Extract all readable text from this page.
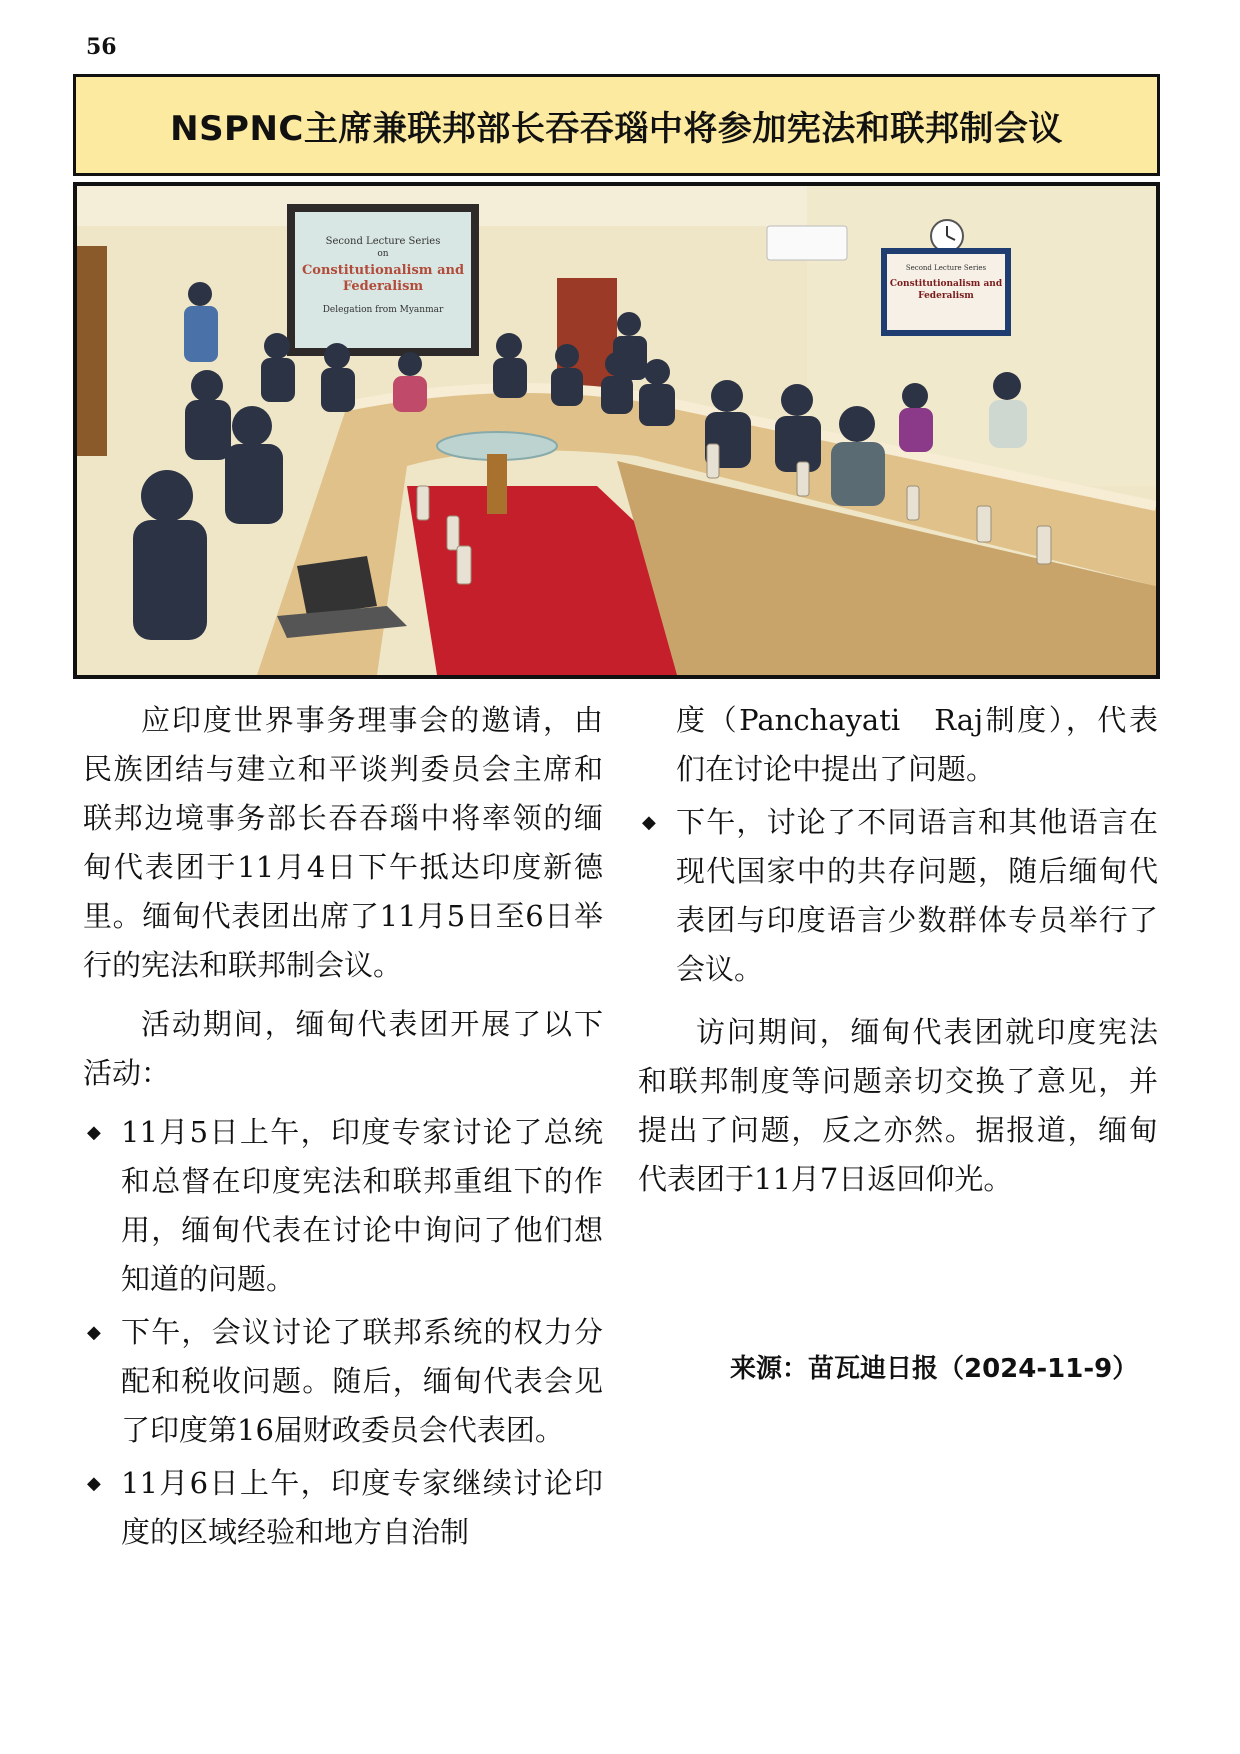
56
NSPNC主席兼联邦部长吞吞瑙中将参加宪法和联邦制会议
Second Lecture Series
on
Constitutionalism and
Federalism
Delegation from Myanmar
Second Lecture Series
Constitutionalism and
Federalism

应印度世界事务理事会的邀请，由民族团结与建立和平谈判委员会主席和联邦边境事务部长吞吞瑙中将率领的缅甸代表团于11月4日下午抵达印度新德里。缅甸代表团出席了11月5日至6日举行的宪法和联邦制会议。

活动期间，缅甸代表团开展了以下活动：

◆ 11月5日上午，印度专家讨论了总统和总督在印度宪法和联邦重组下的作用，缅甸代表在讨论中询问了他们想知道的问题。
◆ 下午，会议讨论了联邦系统的权力分配和税收问题。随后，缅甸代表会见了印度第16届财政委员会代表团。
◆ 11月6日上午，印度专家继续讨论印度的区域经验和地方自治制
度（Panchayati　Raj制度），代表们在讨论中提出了问题。
◆ 下午，讨论了不同语言和其他语言在现代国家中的共存问题，随后缅甸代表团与印度语言少数群体专员举行了会议。

访问期间，缅甸代表团就印度宪法和联邦制度等问题亲切交换了意见，并提出了问题，反之亦然。据报道，缅甸代表团于11月7日返回仰光。

来源：苗瓦迪日报（2024-11-9）
